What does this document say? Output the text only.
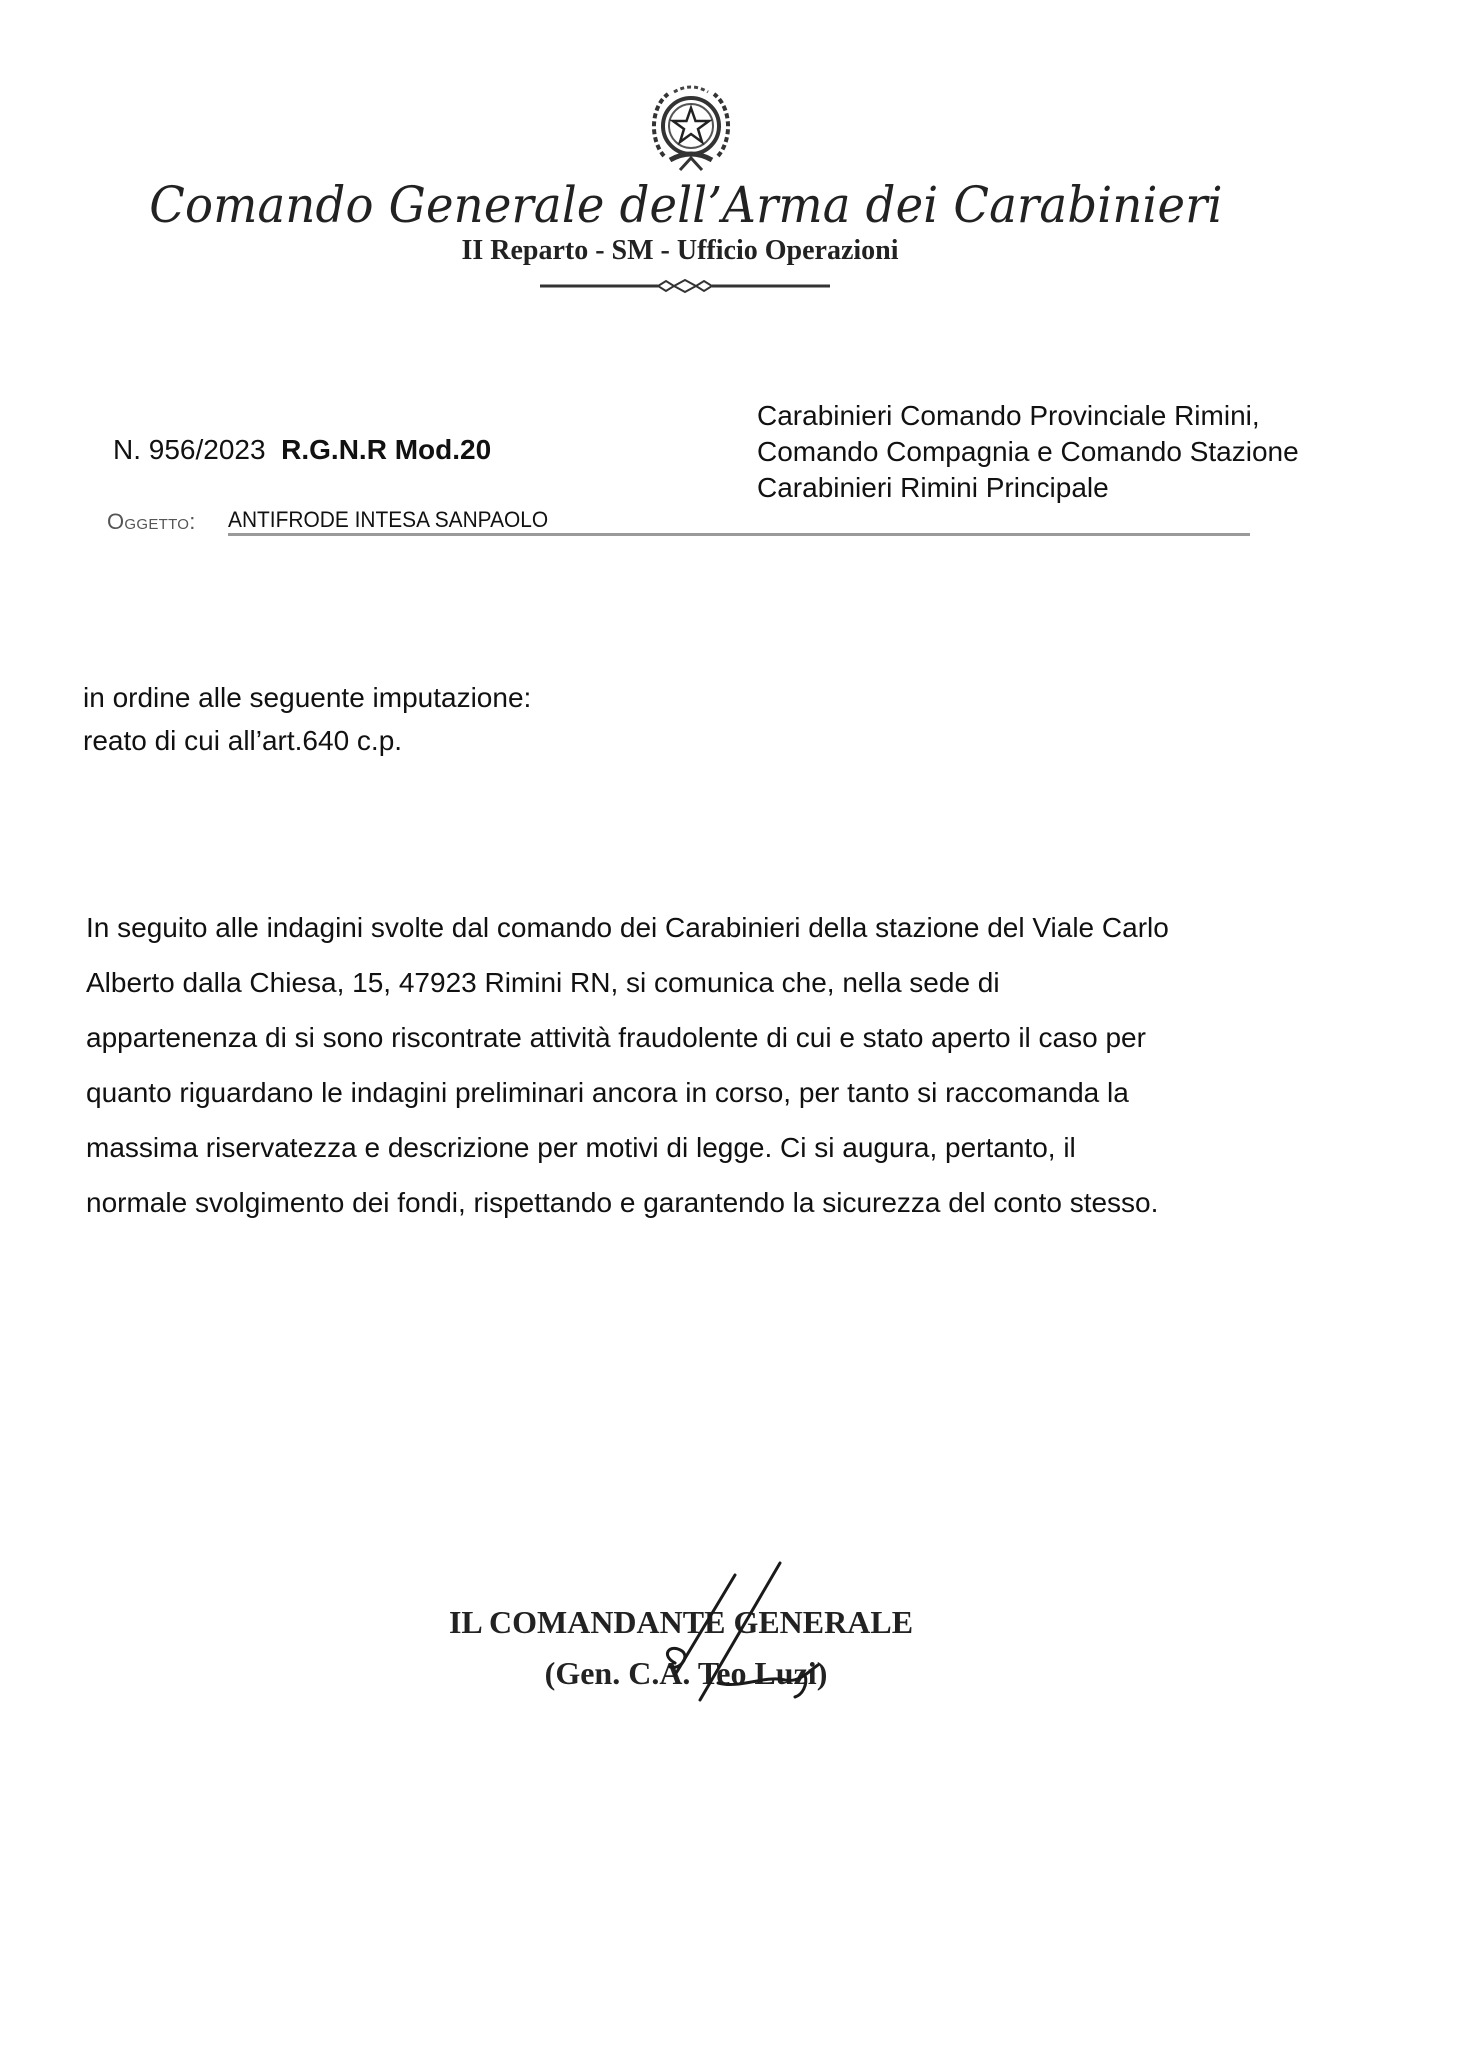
Comando Generale dell’Arma dei Carabinieri
II Reparto - SM - Ufficio Operazioni
N. 956/2023 R.G.N.R Mod.20
Carabinieri Comando Provinciale Rimini,
Comando Compagnia e Comando Stazione
Carabinieri Rimini Principale
Oggetto: ANTIFRODE INTESA SANPAOLO
in ordine alle seguente imputazione:
reato di cui all’art.640 c.p.
In seguito alle indagini svolte dal comando dei Carabinieri della stazione del Viale Carlo
Alberto dalla Chiesa, 15, 47923 Rimini RN, si comunica che, nella sede di
appartenenza di si sono riscontrate attività fraudolente di cui e stato aperto il caso per
quanto riguardano le indagini preliminari ancora in corso, per tanto si raccomanda la
massima riservatezza e descrizione per motivi di legge. Ci si augura, pertanto, il
normale svolgimento dei fondi, rispettando e garantendo la sicurezza del conto stesso.
IL COMANDANTE GENERALE
(Gen. C.A. Teo Luzi)
